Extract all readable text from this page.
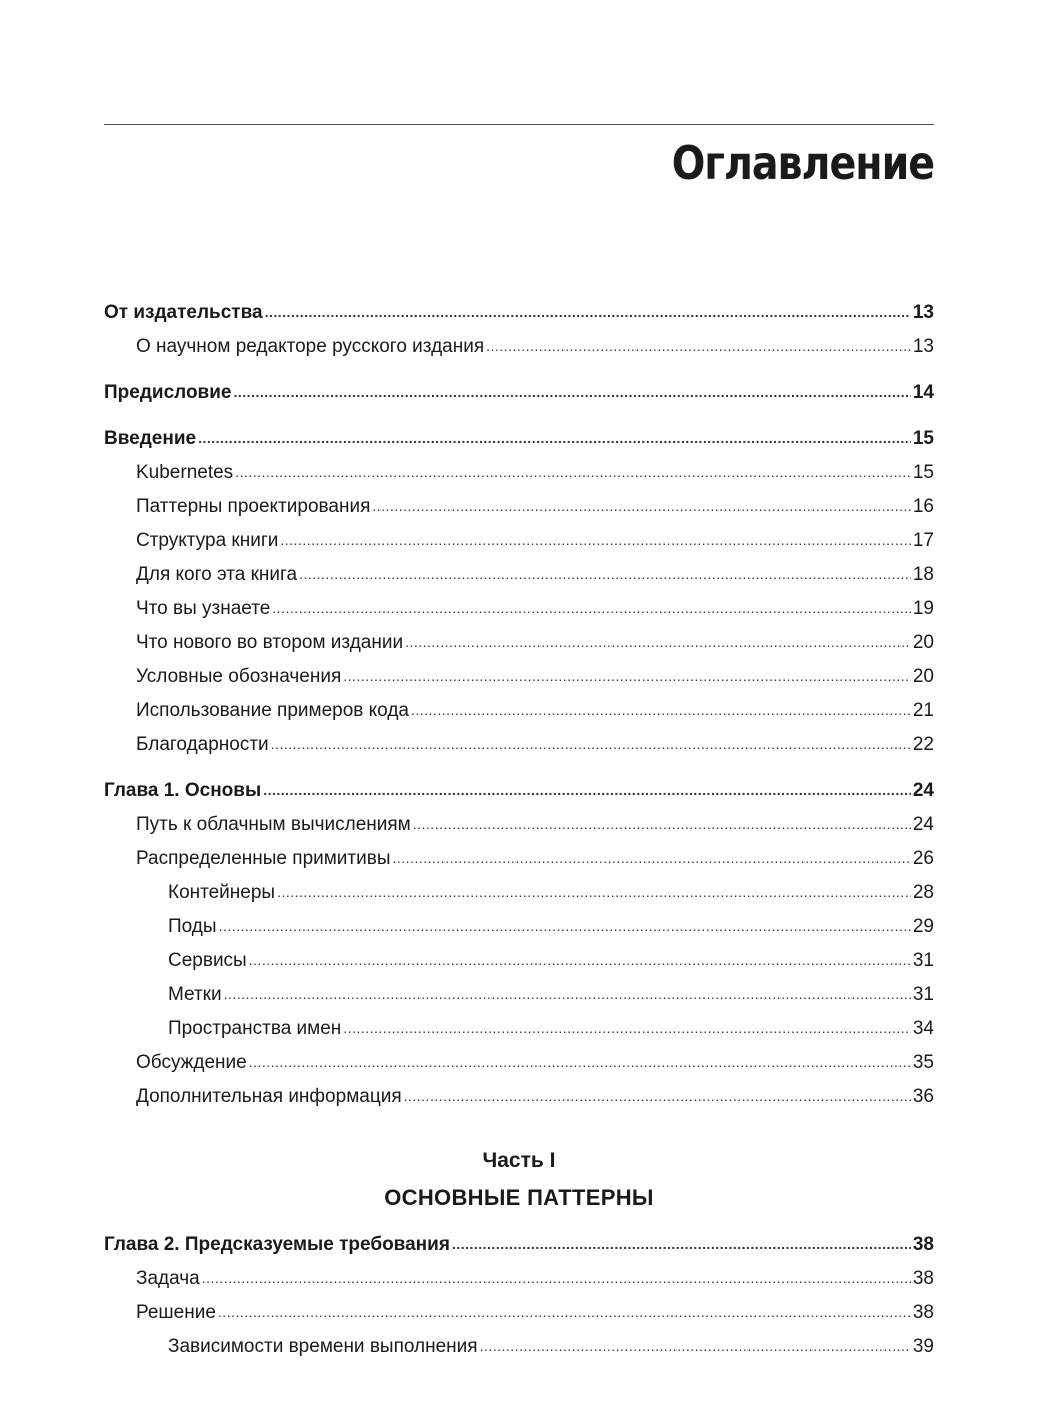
Оглавление
От издательства .....	13
О научном редакторе русского издания .....	13
Предисловие .....	14
Введение .....	15
Kubernetes .....	15
Паттерны проектирования .....	16
Структура книги .....	17
Для кого эта книга .....	18
Что вы узнаете .....	19
Что нового во втором издании .....	20
Условные обозначения .....	20
Использование примеров кода .....	21
Благодарности .....	22
Глава 1. Основы .....	24
Путь к облачным вычислениям .....	24
Распределенные примитивы .....	26
Контейнеры .....	28
Поды .....	29
Сервисы .....	31
Метки .....	31
Пространства имен .....	34
Обсуждение .....	35
Дополнительная информация .....	36
Часть I
ОСНОВНЫЕ ПАТТЕРНЫ
Глава 2. Предсказуемые требования .....	38
Задача .....	38
Решение .....	38
Зависимости времени выполнения .....	39
